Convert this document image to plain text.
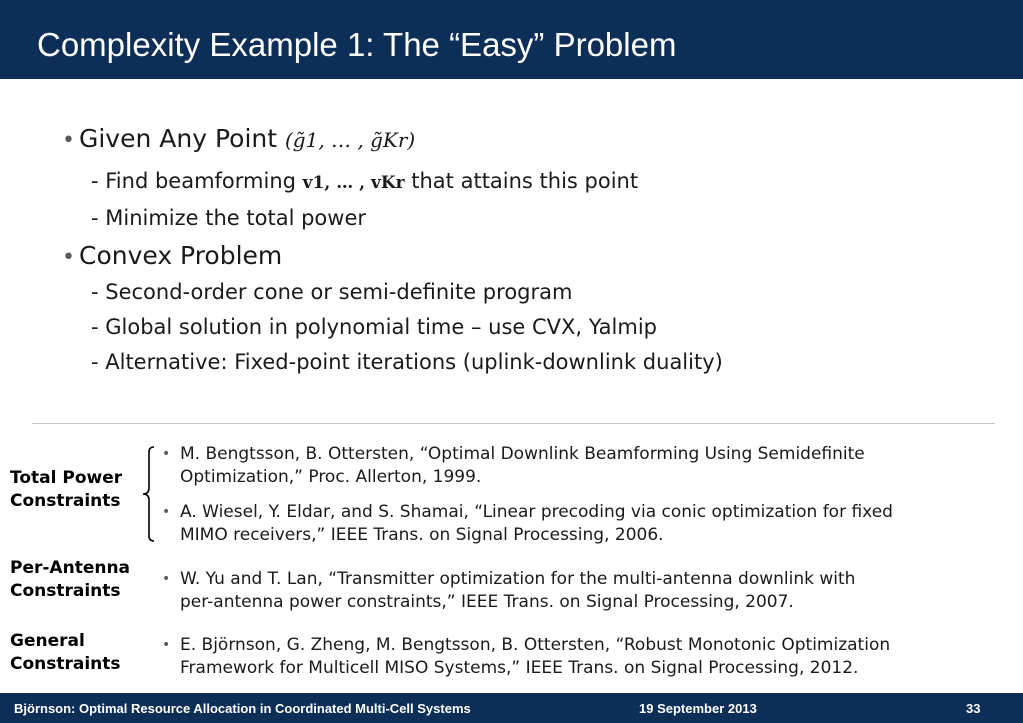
Complexity Example 1: The “Easy” Problem
• Given Any Point (g̃1, … , g̃Kr)
- Find beamforming v1, … , vKr that attains this point
- Minimize the total power
• Convex Problem
- Second-order cone or semi-definite program
- Global solution in polynomial time – use CVX, Yalmip
- Alternative: Fixed-point iterations (uplink-downlink duality)
Total Power
Constraints
• M. Bengtsson, B. Ottersten, “Optimal Downlink Beamforming Using Semidefinite
Optimization,” Proc. Allerton, 1999.
• A. Wiesel, Y. Eldar, and S. Shamai, “Linear precoding via conic optimization for fixed
MIMO receivers,” IEEE Trans. on Signal Processing, 2006.
Per-Antenna
Constraints
• W. Yu and T. Lan, “Transmitter optimization for the multi-antenna downlink with
per-antenna power constraints,” IEEE Trans. on Signal Processing, 2007.
General
Constraints
• E. Björnson, G. Zheng, M. Bengtsson, B. Ottersten, “Robust Monotonic Optimization
Framework for Multicell MISO Systems,” IEEE Trans. on Signal Processing, 2012.
Björnson: Optimal Resource Allocation in Coordinated Multi-Cell Systems	19 September 2013	33
